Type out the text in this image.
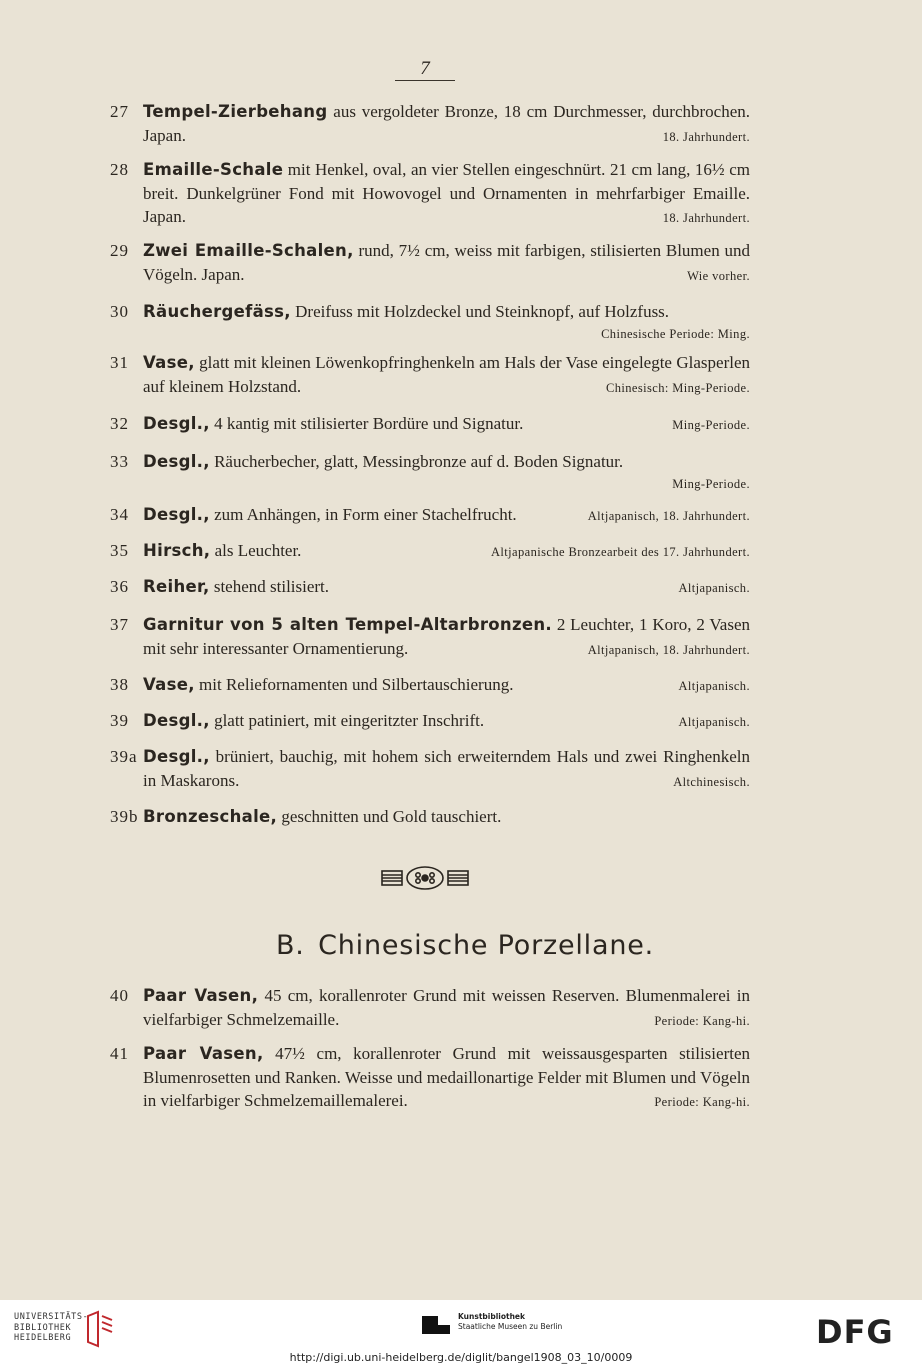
7
27 Tempel-Zierbehang aus vergoldeter Bronze, 18 cm Durchmesser, durchbrochen. Japan.	18. Jahrhundert.
28 Emaille-Schale mit Henkel, oval, an vier Stellen eingeschnürt. 21 cm lang, 16½ cm breit. Dunkelgrüner Fond mit Howovogel und Ornamenten in mehrfarbiger Emaille. Japan.	18. Jahrhundert.
29 Zwei Emaille-Schalen, rund, 7½ cm, weiss mit farbigen, stilisierten Blumen und Vögeln. Japan.	Wie vorher.
30 Räuchergefäss, Dreifuss mit Holzdeckel und Steinknopf, auf Holzfuss.
Chinesische Periode: Ming.
31 Vase, glatt mit kleinen Löwenkopfringhenkeln am Hals der Vase eingelegte Glasperlen auf kleinem Holzstand.	Chinesisch: Ming-Periode.
32 Desgl., 4 kantig mit stilisierter Bordüre und Signatur.	Ming-Periode.
33 Desgl., Räucherbecher, glatt, Messingbronze auf d. Boden Signatur.
Ming-Periode.
34 Desgl., zum Anhängen, in Form einer Stachelfrucht.	Altjapanisch, 18. Jahrhundert.
35 Hirsch, als Leuchter.	Altjapanische Bronzearbeit des 17. Jahrhundert.
36 Reiher, stehend stilisiert.	Altjapanisch.
37 Garnitur von 5 alten Tempel-Altarbronzen. 2 Leuchter, 1 Koro, 2 Vasen mit sehr interessanter Ornamentierung.	Altjapanisch, 18. Jahrhundert.
38 Vase, mit Reliefornamenten und Silbertauschierung.	Altjapanisch.
39 Desgl., glatt patiniert, mit eingeritzter Inschrift.	Altjapanisch.
39a Desgl., brüniert, bauchig, mit hohem sich erweiterndem Hals und zwei Ringhenkeln in Maskarons.	Altchinesisch.
39b Bronzeschale, geschnitten und Gold tauschiert.
B. Chinesische Porzellane.
40 Paar Vasen, 45 cm, korallenroter Grund mit weissen Reserven. Blumenmalerei in vielfarbiger Schmelzemaille.	Periode: Kang-hi.
41 Paar Vasen, 47½ cm, korallenroter Grund mit weissausgesparten stilisierten Blumenrosetten und Ranken. Weisse und medaillonartige Felder mit Blumen und Vögeln in vielfarbiger Schmelzemaillemalerei.	Periode: Kang-hi.
UNIVERSITÄTS-
BIBLIOTHEK
HEIDELBERG
Kunstbibliothek
Staatliche Museen zu Berlin	DFG
http://digi.ub.uni-heidelberg.de/diglit/bangel1908_03_10/0009
